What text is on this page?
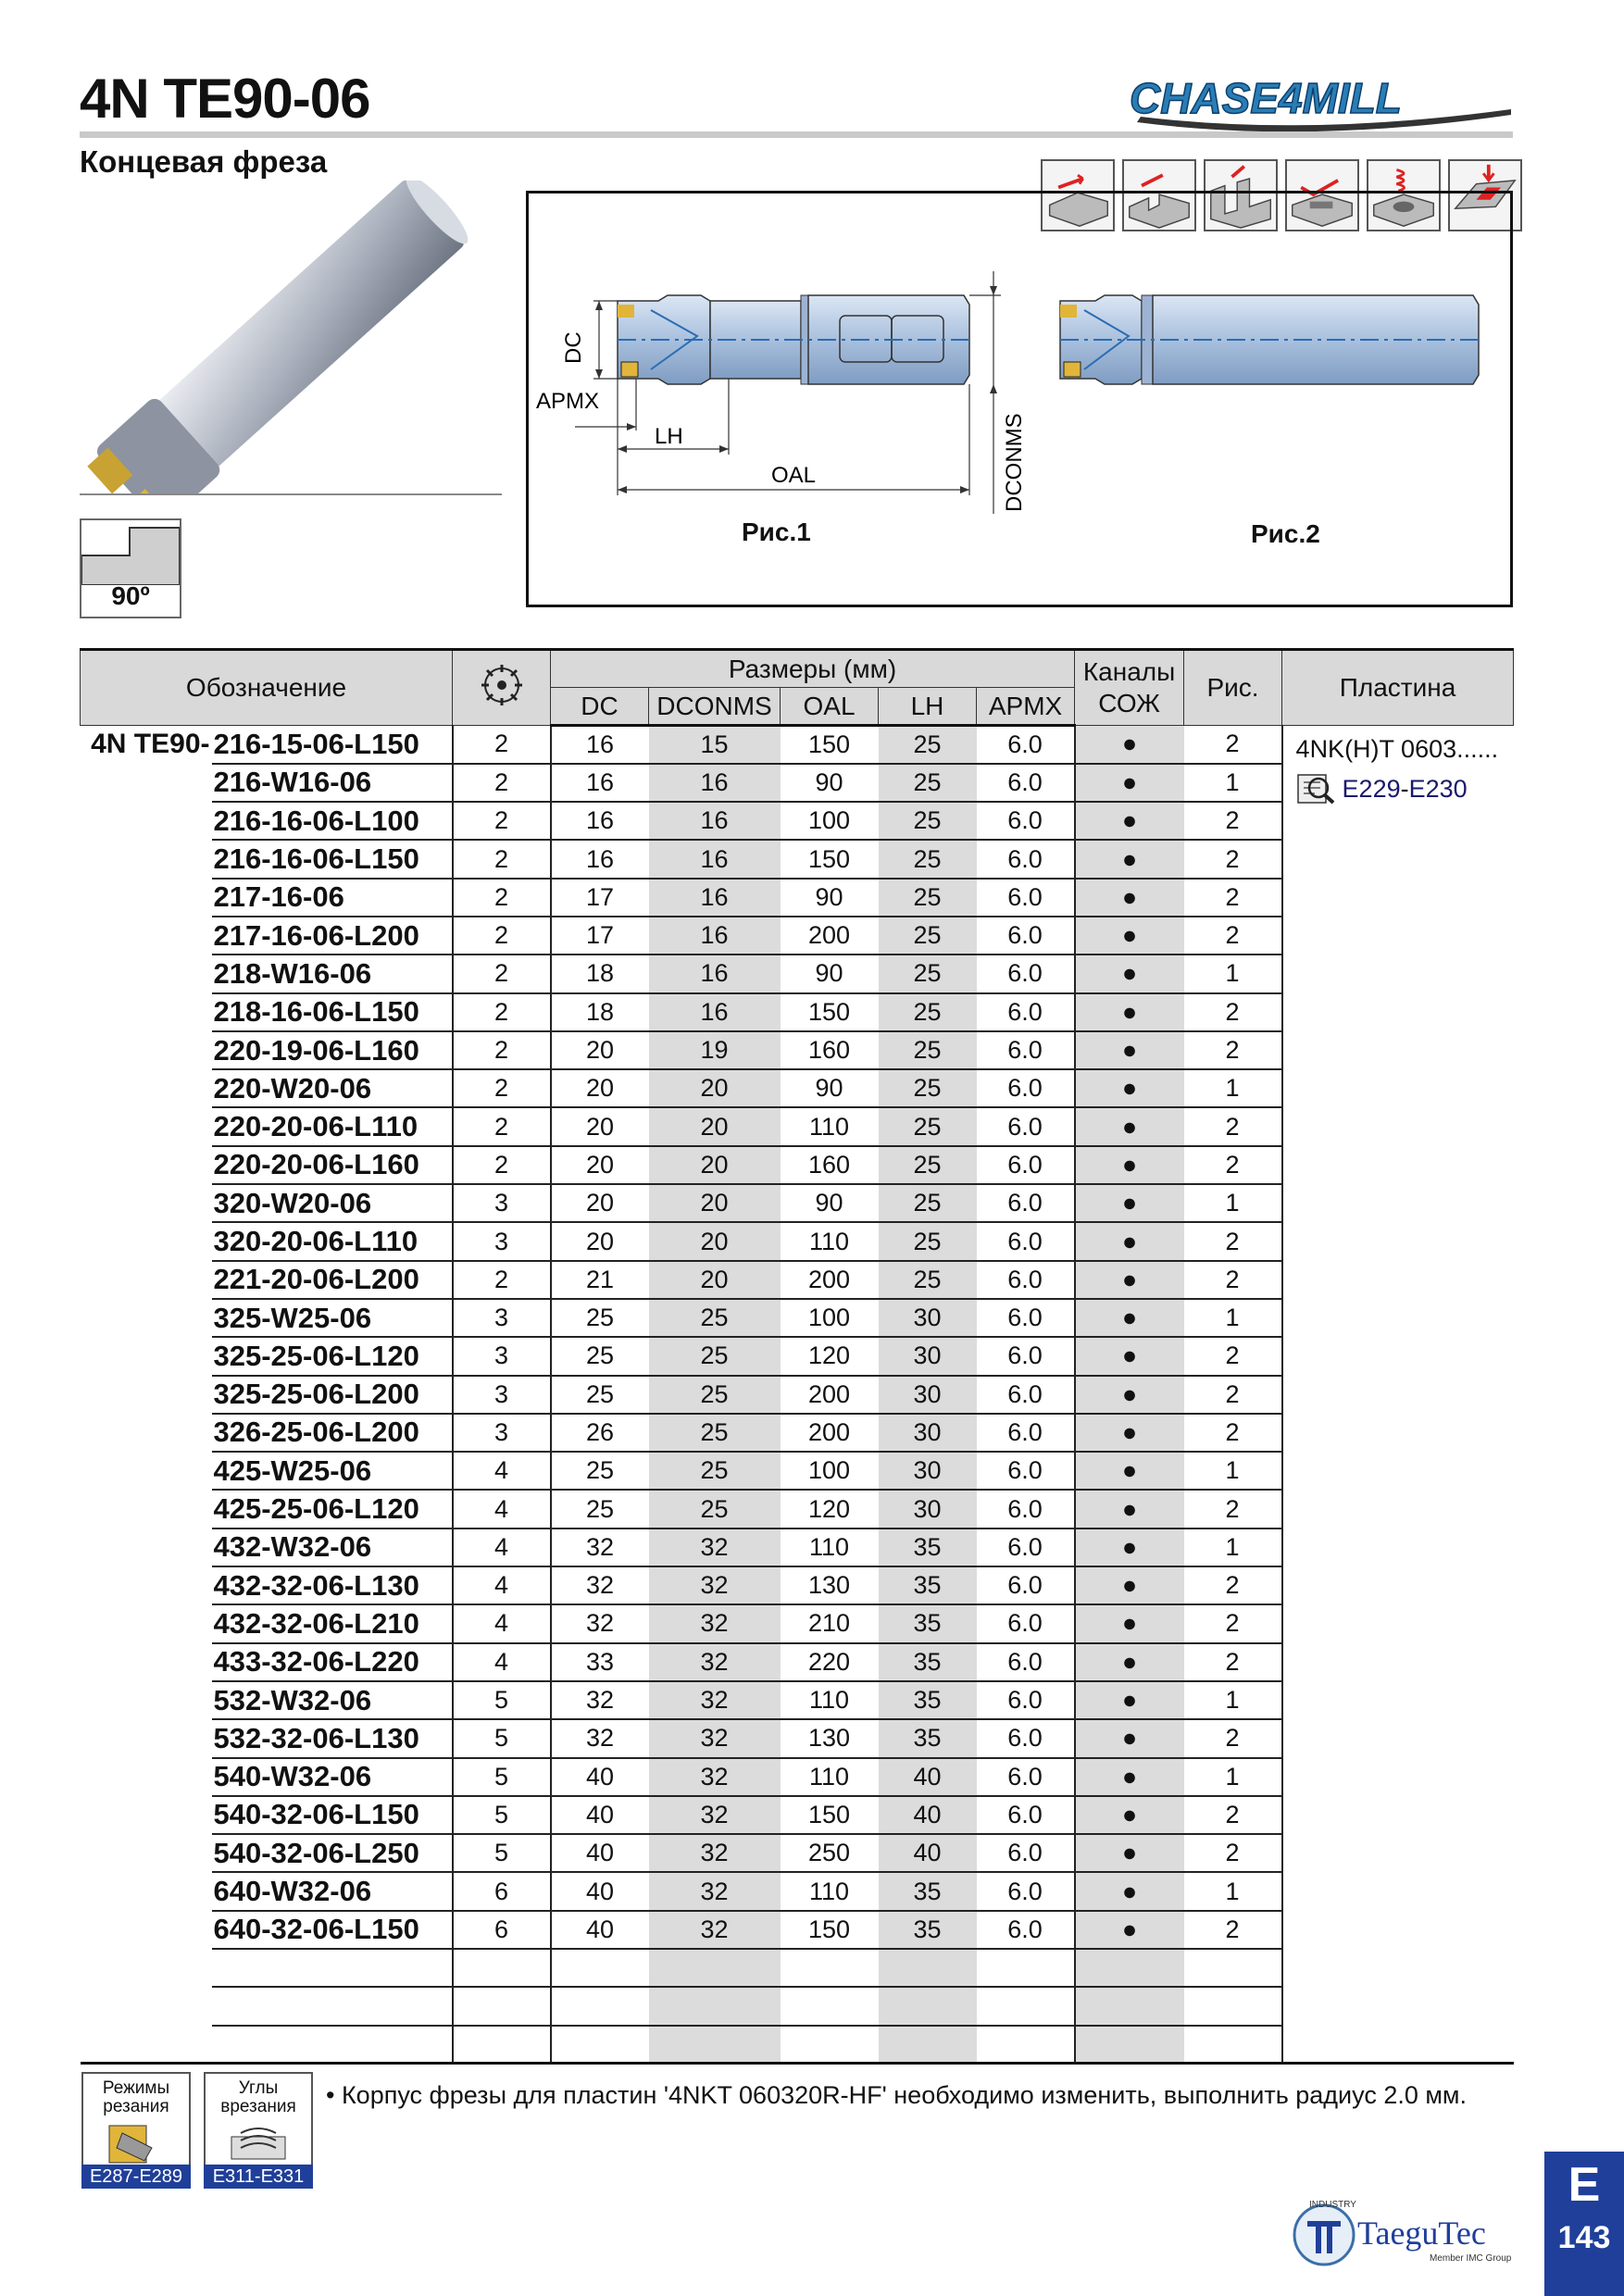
4N TE90-06
Концевая фреза
CHASE4MILL
90º
DC
APMX
LH
OAL	DCONMS
Рис.1	Рис.2
Обозначение			Размеры (мм)					Каналы СОЖ	Рис.	Пластина
			DC	DCONMS	OAL	LH	APMX			
4N TE90-	216-15-06-L150	2	16	15	150	25	6.0	●	2	4NK(H)T 0603......
E229-E230

	216-W16-06	2	16	16	90	25	6.0	●	1	
	216-16-06-L100	2	16	16	100	25	6.0	●	2	
	216-16-06-L150	2	16	16	150	25	6.0	●	2	
	217-16-06	2	17	16	90	25	6.0	●	2	
	217-16-06-L200	2	17	16	200	25	6.0	●	2	
	218-W16-06	2	18	16	90	25	6.0	●	1	
	218-16-06-L150	2	18	16	150	25	6.0	●	2	
	220-19-06-L160	2	20	19	160	25	6.0	●	2	
	220-W20-06	2	20	20	90	25	6.0	●	1	
	220-20-06-L110	2	20	20	110	25	6.0	●	2	
	220-20-06-L160	2	20	20	160	25	6.0	●	2	
	320-W20-06	3	20	20	90	25	6.0	●	1	
	320-20-06-L110	3	20	20	110	25	6.0	●	2	
	221-20-06-L200	2	21	20	200	25	6.0	●	2	
	325-W25-06	3	25	25	100	30	6.0	●	1	
	325-25-06-L120	3	25	25	120	30	6.0	●	2	
	325-25-06-L200	3	25	25	200	30	6.0	●	2	
	326-25-06-L200	3	26	25	200	30	6.0	●	2	
	425-W25-06	4	25	25	100	30	6.0	●	1	
	425-25-06-L120	4	25	25	120	30	6.0	●	2	
	432-W32-06	4	32	32	110	35	6.0	●	1	
	432-32-06-L130	4	32	32	130	35	6.0	●	2	
	432-32-06-L210	4	32	32	210	35	6.0	●	2	
	433-32-06-L220	4	33	32	220	35	6.0	●	2	
	532-W32-06	5	32	32	110	35	6.0	●	1	
	532-32-06-L130	5	32	32	130	35	6.0	●	2	
	540-W32-06	5	40	32	110	40	6.0	●	1	
	540-32-06-L150	5	40	32	150	40	6.0	●	2	
	540-32-06-L250	5	40	32	250	40	6.0	●	2	
	640-W32-06	6	40	32	110	35	6.0	●	1	
	640-32-06-L150	6	40	32	150	35	6.0	●	2	

Режимы резания
E287-E289
Углы врезания
E311-E331
• Корпус фрезы для пластин '4NKT 060320R-HF' необходимо изменить, выполнить радиус 2.0 мм.
INDUSTRY
TaeguTec
Member IMC Group
E
143
